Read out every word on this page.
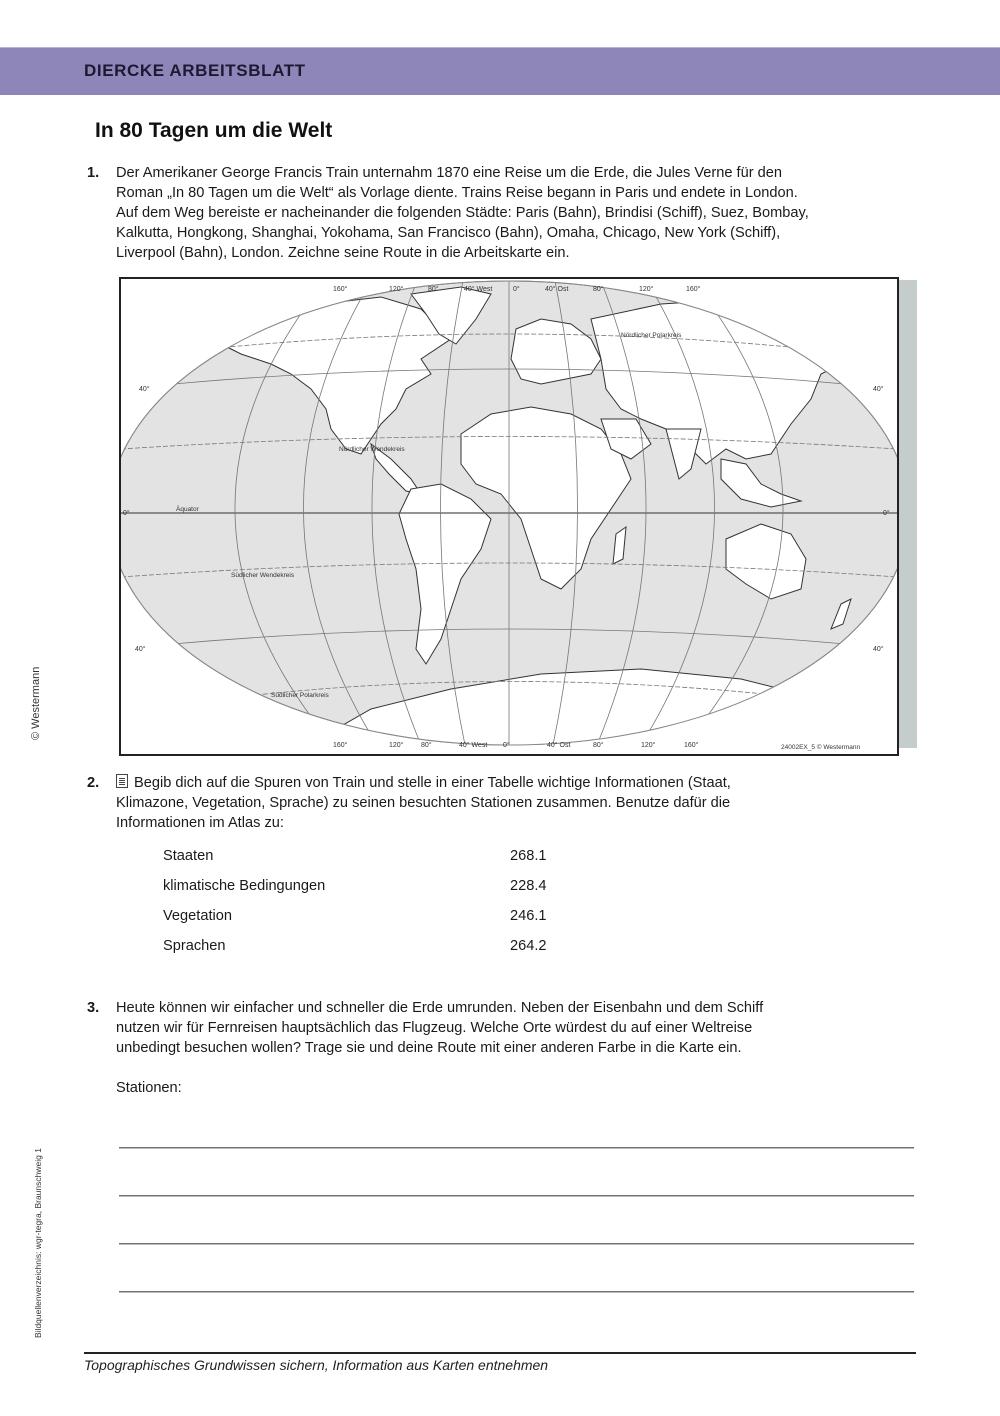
DIERCKE ARBEITSBLATT
In 80 Tagen um die Welt
1. Der Amerikaner George Francis Train unternahm 1870 eine Reise um die Erde, die Jules Verne für den

Roman „In 80 Tagen um die Welt“ als Vorlage diente. Trains Reise begann in Paris und endete in London.

Auf dem Weg bereiste er nacheinander die folgenden Städte: Paris (Bahn), Brindisi (Schiff), Suez, Bombay,

Kalkutta, Hongkong, Shanghai, Yokohama, San Francisco (Bahn), Omaha, Chicago, New York (Schiff),

Liverpool (Bahn), London. Zeichne seine Route in die Arbeitskarte ein.

160°	120°	80°	40° West	0°	40° Ost	80°	120°	160°
160°	120°	80°	40° West 0°	40° Ost	80°	120°	160°
40°	40°
0°	0°
40°	40°
Nördlicher Polarkreis
Nördlicher Wendekreis
Äquator
Südlicher Wendekreis
Südlicher Polarkreis
24002EX_5 © Westermann
2.	Begib dich auf die Spuren von Train und stelle in einer Tabelle wichtige Informationen (Staat,

Klimazone, Vegetation, Sprache) zu seinen besuchten Stationen zusammen. Benutze dafür die

Informationen im Atlas zu:

Staaten	268.1
klimatische Bedingungen	228.4
Vegetation	246.1
Sprachen	264.2
3. Heute können wir einfacher und schneller die Erde umrunden. Neben der Eisenbahn und dem Schiff

nutzen wir für Fernreisen hauptsächlich das Flugzeug. Welche Orte würdest du auf einer Weltreise

unbedingt besuchen wollen? Trage sie und deine Route mit einer anderen Farbe in die Karte ein.

Stationen:

Topographisches Grundwissen sichern, Information aus Karten entnehmen
© Westermann
Bildquellenverzeichnis: wgr-tegra, Braunschweig 1
